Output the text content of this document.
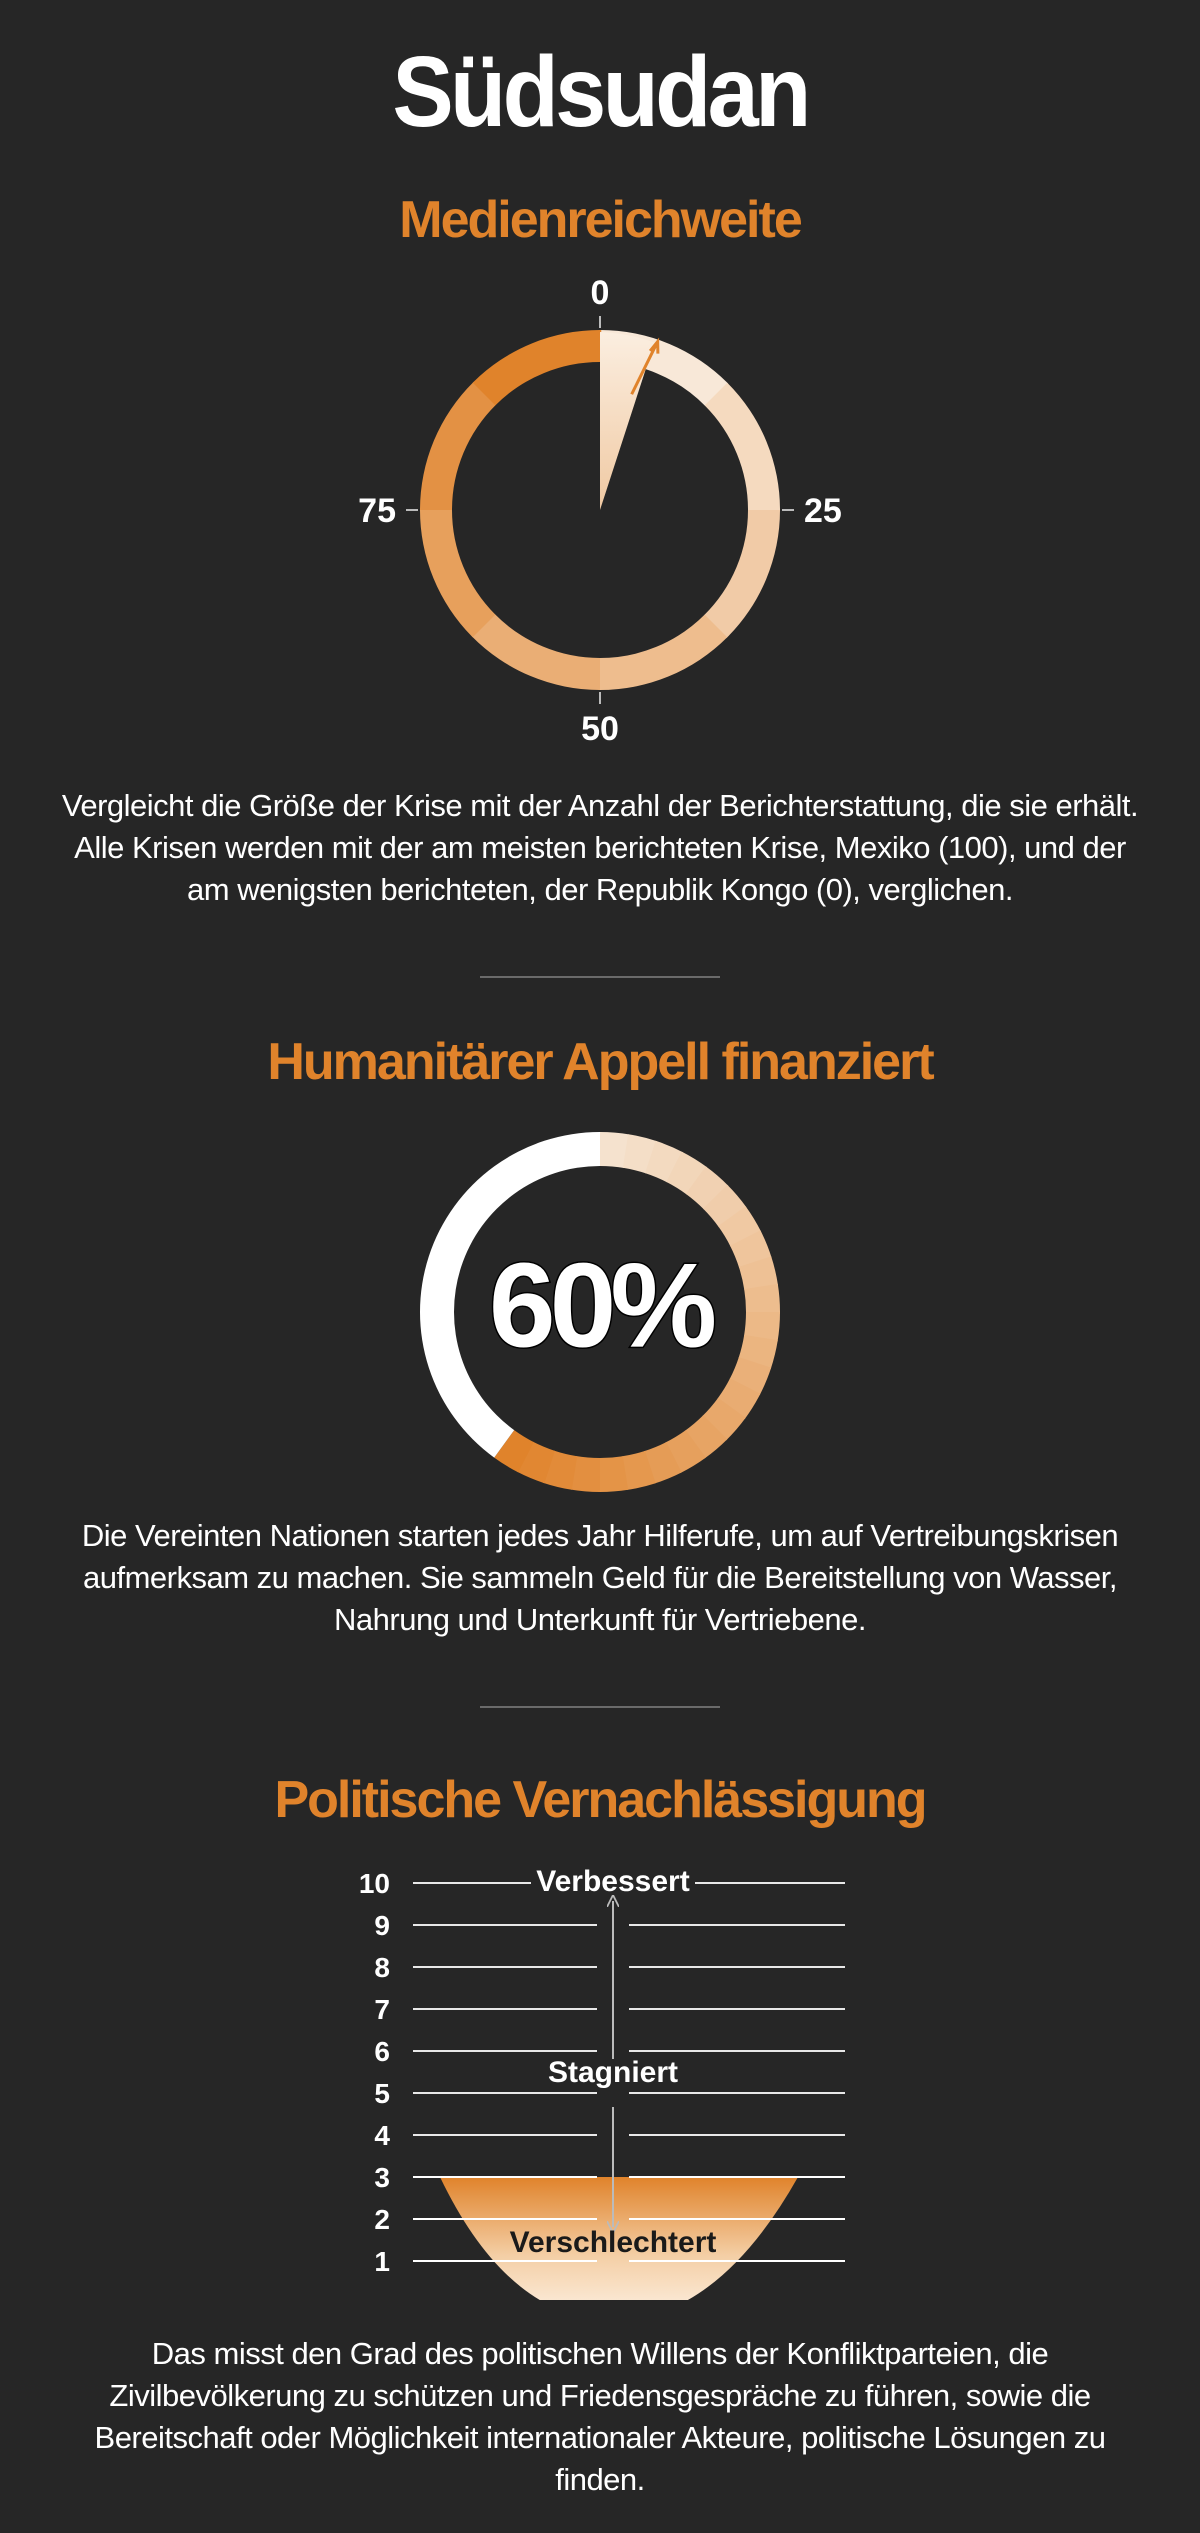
Südsudan
Medienreichweite
0
25
50
75
Vergleicht die Größe der Krise mit der Anzahl der Berichterstattung, die sie erhält. Alle Krisen werden mit der am meisten berichteten Krise, Mexiko (100), und der am wenigsten berichteten, der Republik Kongo (0), verglichen.
Humanitärer Appell finanziert
60%
Die Vereinten Nationen starten jedes Jahr Hilferufe, um auf Vertreibungskrisen aufmerksam zu machen. Sie sammeln Geld für die Bereitstellung von Wasser, Nahrung und Unterkunft für Vertriebene.
Politische Vernachlässigung
10
9
8
7
6
5
4
3
2
1
Verbessert
Stagniert
Verschlechtert
Das misst den Grad des politischen Willens der Konfliktparteien, die Zivilbevölkerung zu schützen und Friedensgespräche zu führen, sowie die Bereitschaft oder Möglichkeit internationaler Akteure, politische Lösungen zu finden.
